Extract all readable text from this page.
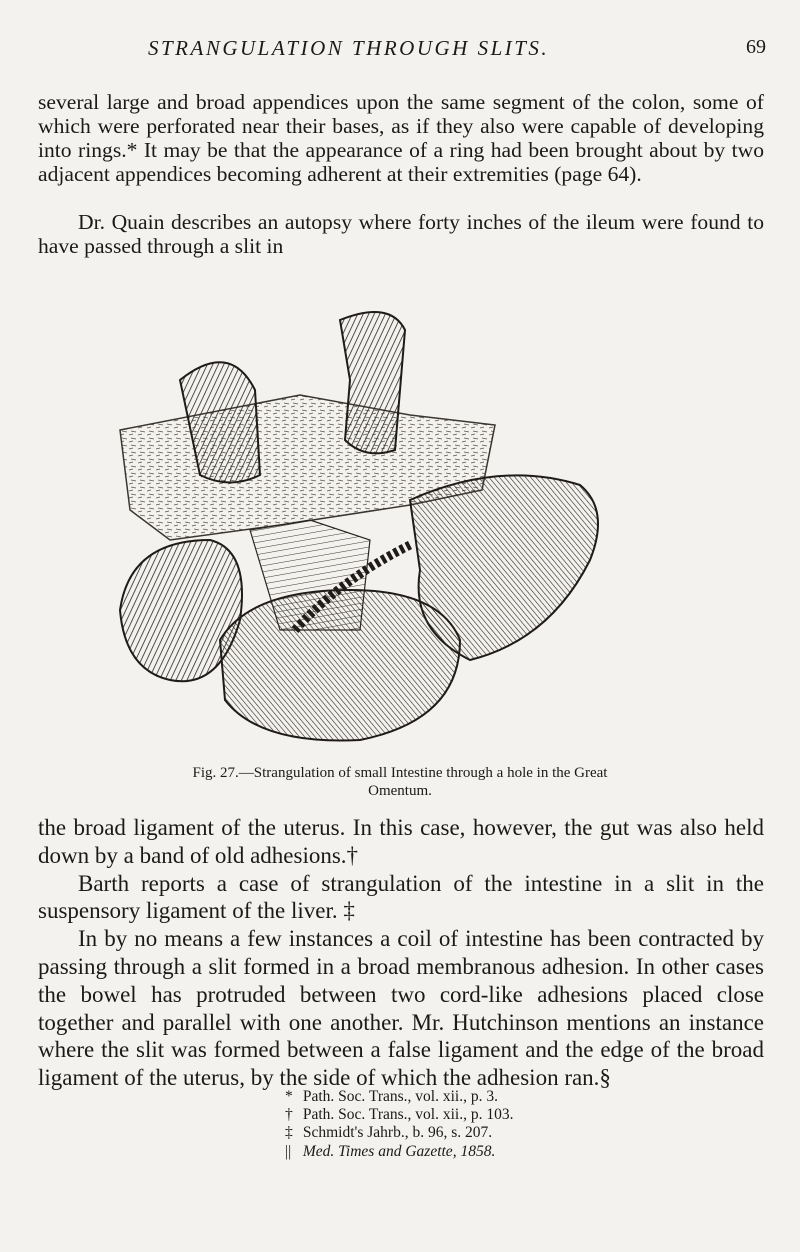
STRANGULATION THROUGH SLITS.	69

several large and broad appendices upon the same segment of the colon, some of which were perforated near their bases, as if they also were capable of developing into rings.* It may be that the appearance of a ring had been brought about by two adjacent appendices becoming adherent at their extremities (page 64).

Dr. Quain describes an autopsy where forty inches of the ileum were found to have passed through a slit in

Fig. 27.—Strangulation of small Intestine through a hole in the Great
Omentum.

the broad ligament of the uterus. In this case, however, the gut was also held down by a band of old adhesions.†

Barth reports a case of strangulation of the intestine in a slit in the suspensory ligament of the liver. ‡

In by no means a few instances a coil of intestine has been contracted by passing through a slit formed in a broad membranous adhesion. In other cases the bowel has protruded between two cord-like adhesions placed close together and parallel with one another. Mr. Hutchinson mentions an instance where the slit was formed between a false ligament and the edge of the broad ligament of the uterus, by the side of which the adhesion ran.§

* Path. Soc. Trans., vol. xii., p. 3.
† Path. Soc. Trans., vol. xii., p. 103.
‡ Schmidt's Jahrb., b. 96, s. 207.
|| Med. Times and Gazette, 1858.
